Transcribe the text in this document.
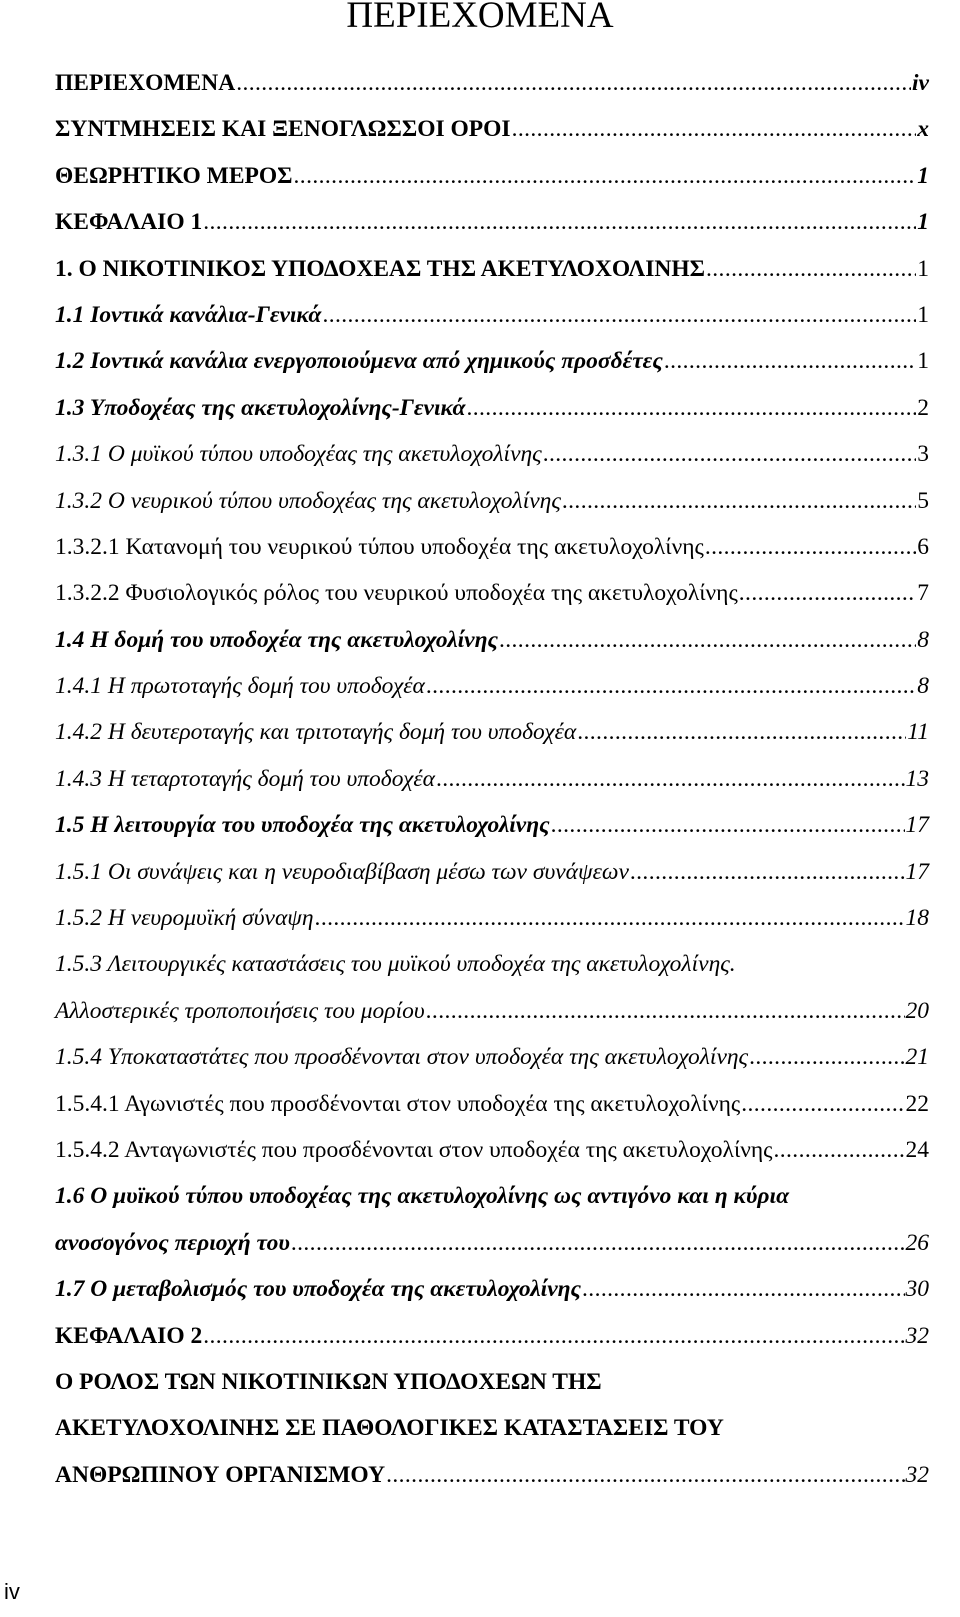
ΠΕΡΙΕΧΟΜΕΝΑ
ΠΕΡΙΕΧΟΜΕΝΑ .....	iv
ΣΥΝΤΜΗΣΕΙΣ ΚΑΙ ΞΕΝΟΓΛΩΣΣΟΙ ΟΡΟΙ .....	x
ΘΕΩΡΗΤΙΚΟ ΜΕΡΟΣ .....	1
ΚΕΦΑΛΑΙΟ 1 .....	1
1. Ο ΝΙΚΟΤΙΝΙΚΟΣ ΥΠΟΔΟΧΕΑΣ ΤΗΣ ΑΚΕΤΥΛΟΧΟΛΙΝΗΣ .....	1
1.1 Ιοντικά κανάλια-Γενικά .....	1
1.2 Ιοντικά κανάλια ενεργοποιούμενα από χημικούς προσδέτες .....	1
1.3 Υποδοχέας της ακετυλοχολίνης-Γενικά .....	2
1.3.1 Ο μυϊκού τύπου υποδοχέας της ακετυλοχολίνης .....	3
1.3.2 Ο νευρικού τύπου υποδοχέας της ακετυλοχολίνης .....	5
1.3.2.1 Κατανομή του νευρικού τύπου υποδοχέα της ακετυλοχολίνης .....	6
1.3.2.2 Φυσιολογικός ρόλος του νευρικού υποδοχέα της ακετυλοχολίνης .....	7
1.4 Η δομή του υποδοχέα της ακετυλοχολίνης .....	8
1.4.1 Η πρωτοταγής δομή του υποδοχέα .....	8
1.4.2 Η δευτεροταγής και τριτοταγής δομή του υποδοχέα .....	11
1.4.3 Η τεταρτοταγής δομή του υποδοχέα .....	13
1.5 Η λειτουργία του υποδοχέα της ακετυλοχολίνης .....	17
1.5.1 Οι συνάψεις και η νευροδιαβίβαση μέσω των συνάψεων .....	17
1.5.2 Η νευρομυϊκή σύναψη .....	18
1.5.3 Λειτουργικές καταστάσεις του μυϊκού υποδοχέα της ακετυλοχολίνης.
Αλλοστερικές τροποποιήσεις του μορίου .....	20
1.5.4 Υποκαταστάτες που προσδένονται στον υποδοχέα της ακετυλοχολίνης .....	21
1.5.4.1 Αγωνιστές που προσδένονται στον υποδοχέα της ακετυλοχολίνης .....	22
1.5.4.2 Ανταγωνιστές που προσδένονται στον υποδοχέα της ακετυλοχολίνης .....	24
1.6 Ο μυϊκού τύπου υποδοχέας της ακετυλοχολίνης ως αντιγόνο και η κύρια
ανοσογόνος περιοχή του .....	26
1.7 Ο μεταβολισμός του υποδοχέα της ακετυλοχολίνης .....	30
ΚΕΦΑΛΑΙΟ 2 .....	32
Ο ΡΟΛΟΣ ΤΩΝ ΝΙΚΟΤΙΝΙΚΩΝ ΥΠΟΔΟΧΕΩΝ ΤΗΣ
ΑΚΕΤΥΛΟΧΟΛΙΝΗΣ ΣΕ ΠΑΘΟΛΟΓΙΚΕΣ ΚΑΤΑΣΤΑΣΕΙΣ ΤΟΥ
ΑΝΘΡΩΠΙΝΟΥ ΟΡΓΑΝΙΣΜΟΥ .....	32
iv
